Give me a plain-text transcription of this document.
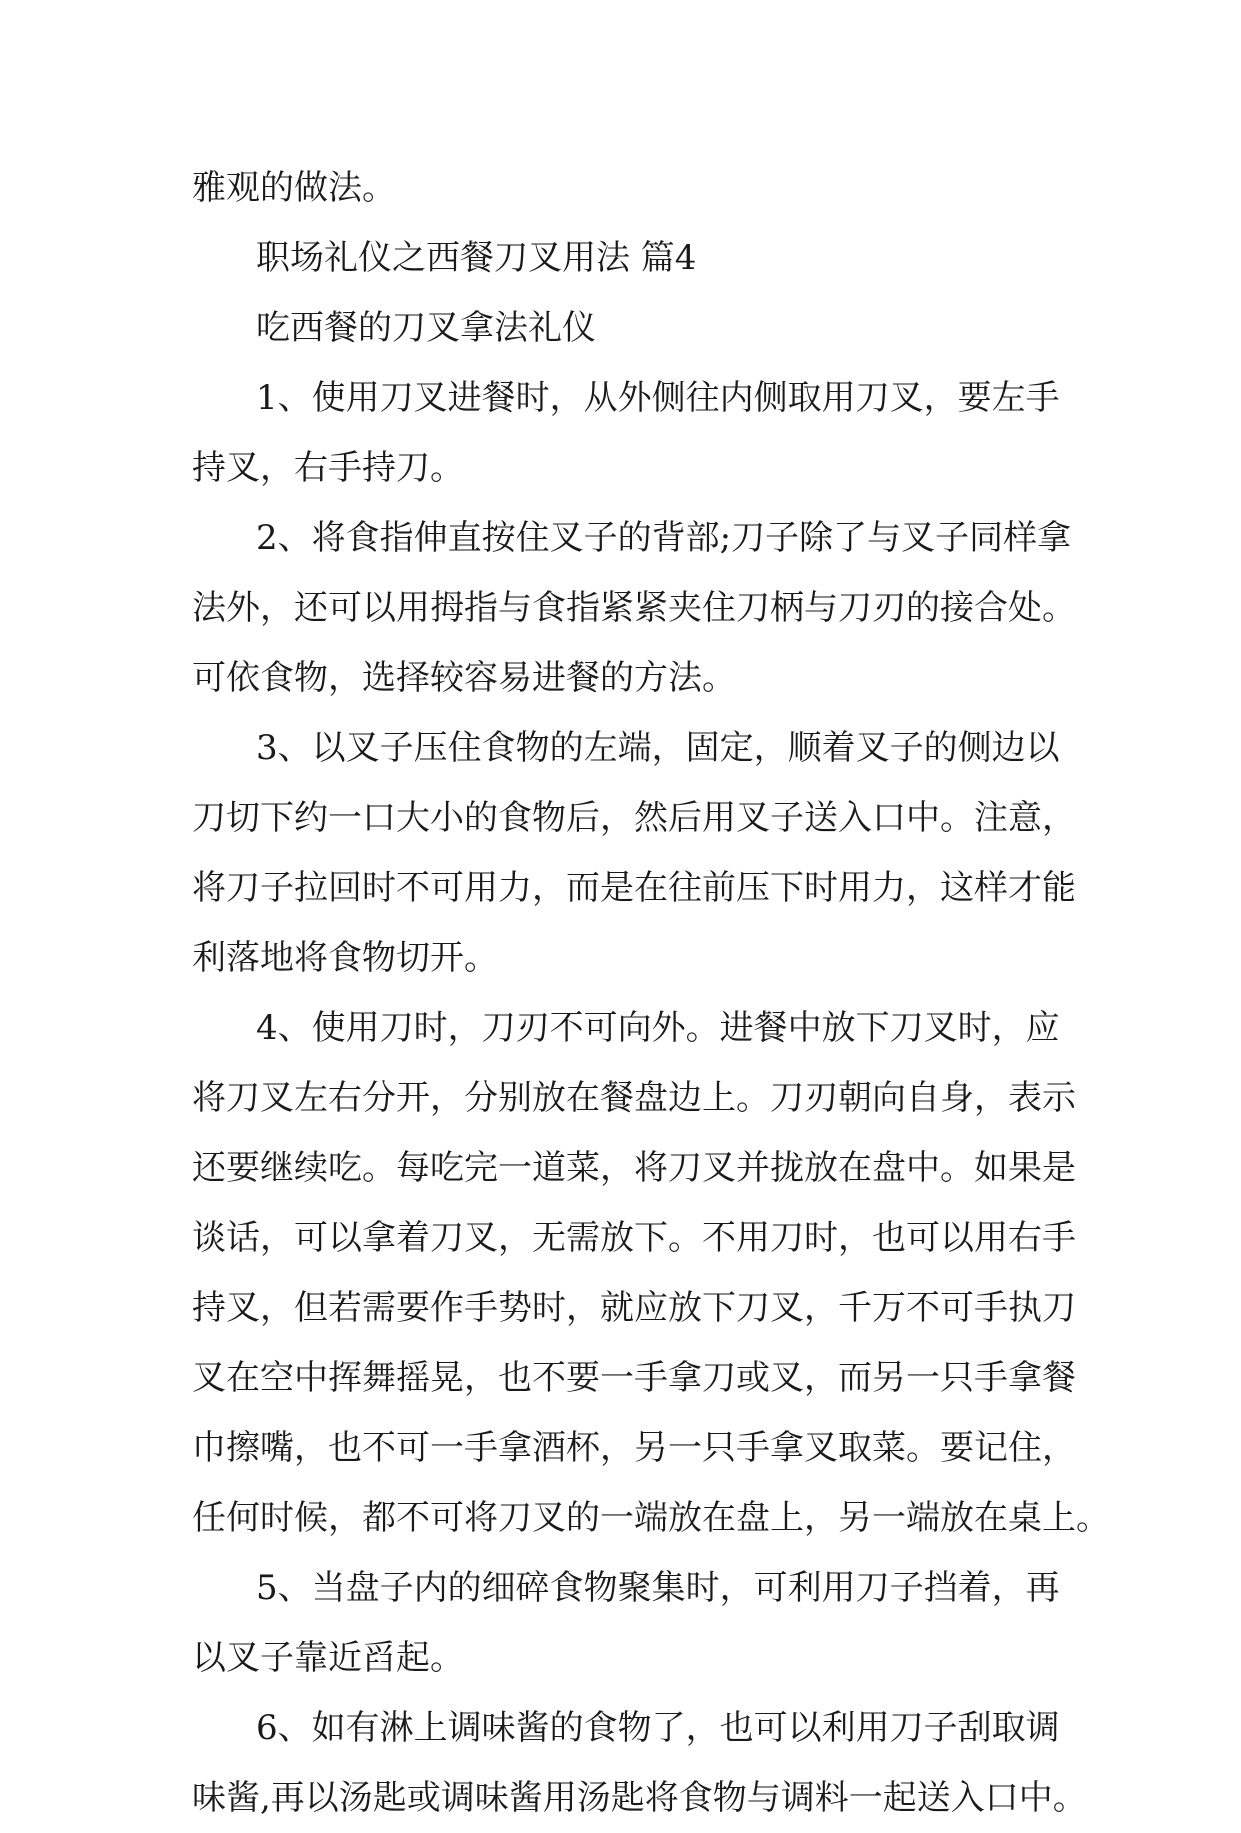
雅观的做法。
职场礼仪之西餐刀叉用法 篇4
吃西餐的刀叉拿法礼仪
1、使用刀叉进餐时，从外侧往内侧取用刀叉，要左手
持叉，右手持刀。
2、将食指伸直按住叉子的背部;刀子除了与叉子同样拿
法外，还可以用拇指与食指紧紧夹住刀柄与刀刃的接合处。
可依食物，选择较容易进餐的方法。
3、以叉子压住食物的左端，固定，顺着叉子的侧边以
刀切下约一口大小的食物后，然后用叉子送入口中。注意，
将刀子拉回时不可用力，而是在往前压下时用力，这样才能
利落地将食物切开。
4、使用刀时，刀刃不可向外。进餐中放下刀叉时，应
将刀叉左右分开，分别放在餐盘边上。刀刃朝向自身，表示
还要继续吃。每吃完一道菜，将刀叉并拢放在盘中。如果是
谈话，可以拿着刀叉，无需放下。不用刀时，也可以用右手
持叉，但若需要作手势时，就应放下刀叉，千万不可手执刀
叉在空中挥舞摇晃，也不要一手拿刀或叉，而另一只手拿餐
巾擦嘴，也不可一手拿酒杯，另一只手拿叉取菜。要记住，
任何时候，都不可将刀叉的一端放在盘上，另一端放在桌上。
5、当盘子内的细碎食物聚集时，可利用刀子挡着，再
以叉子靠近舀起。
6、如有淋上调味酱的食物了，也可以利用刀子刮取调
味酱,再以汤匙或调味酱用汤匙将食物与调料一起送入口中。
